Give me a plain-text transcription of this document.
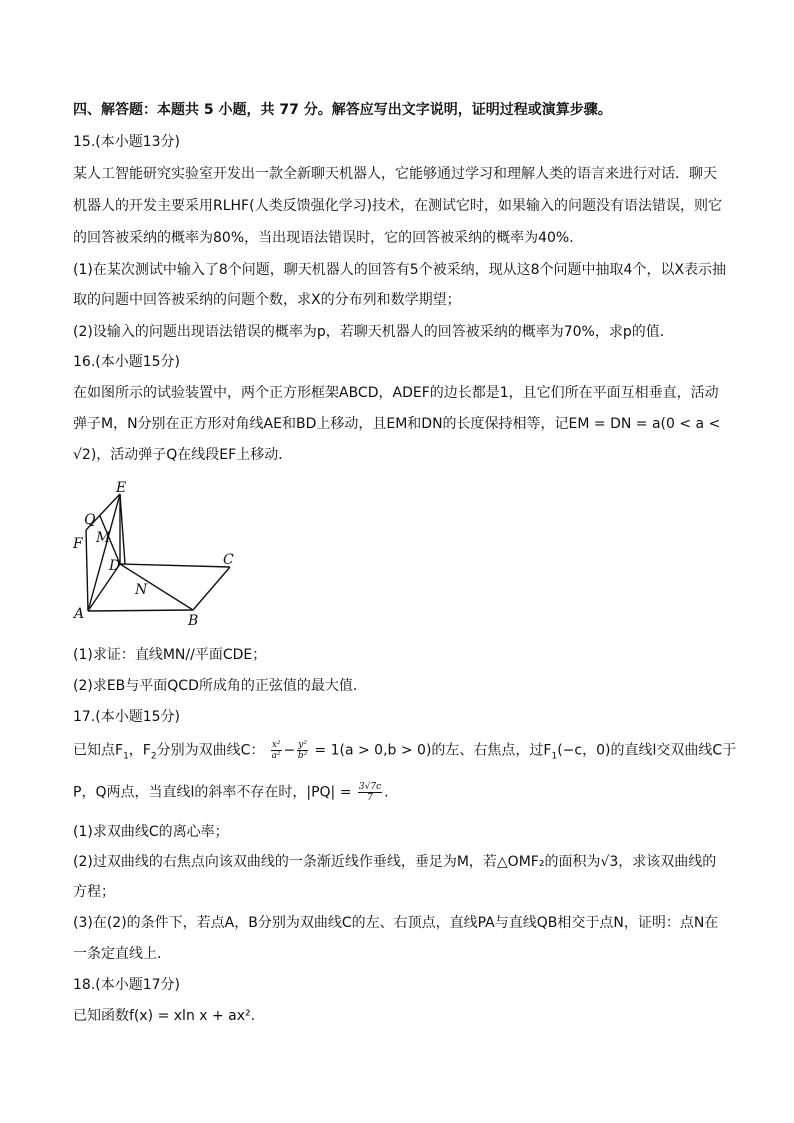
四、解答题：本题共 5 小题，共 77 分。解答应写出文字说明，证明过程或演算步骤。
15.(本小题13分)
某人工智能研究实验室开发出一款全新聊天机器人，它能够通过学习和理解人类的语言来进行对话．聊天
机器人的开发主要采用RLHF(人类反馈强化学习)技术，在测试它时，如果输入的问题没有语法错误，则它
的回答被采纳的概率为80%，当出现语法错误时，它的回答被采纳的概率为40%.
(1)在某次测试中输入了8个问题，聊天机器人的回答有5个被采纳，现从这8个问题中抽取4个，以X表示抽
取的问题中回答被采纳的问题个数，求X的分布列和数学期望；
(2)设输入的问题出现语法错误的概率为p，若聊天机器人的回答被采纳的概率为70%，求p的值．
16.(本小题15分)
在如图所示的试验装置中，两个正方形框架ABCD，ADEF的边长都是1，且它们所在平面互相垂直，活动
弹子M，N分别在正方形对角线AE和BD上移动，且EM和DN的长度保持相等，记EM = DN = a(0 < a <
√2)，活动弹子Q在线段EF上移动．
E
Q
M
F
D	C
N
A	B
(1)求证：直线MN//平面CDE；
(2)求EB与平面QCD所成角的正弦值的最大值．
17.(本小题15分)
已知点$F_1$，$F_2$分别为双曲线C： $\frac{\text{x²}}{\text{a²}} - \frac{\text{y²}}{\text{b²}} = 1(a > 0,b > 0)$的左、右焦点，过$F_1(-c$，0)的直线l交双曲线C于
P，Q两点，当直线l的斜率不存在时，$|PQ| = \frac{3√7c}{7}$ .
(1)求双曲线C的离心率；
(2)过双曲线的右焦点向该双曲线的一条渐近线作垂线，垂足为M，若△OMF₂的面积为√3，求该双曲线的
方程；
(3)在(2)的条件下，若点A，B分别为双曲线C的左、右顶点，直线PA与直线QB相交于点N，证明：点N在
一条定直线上．
18.(本小题17分)
已知函数f(x) = xln x + ax².
